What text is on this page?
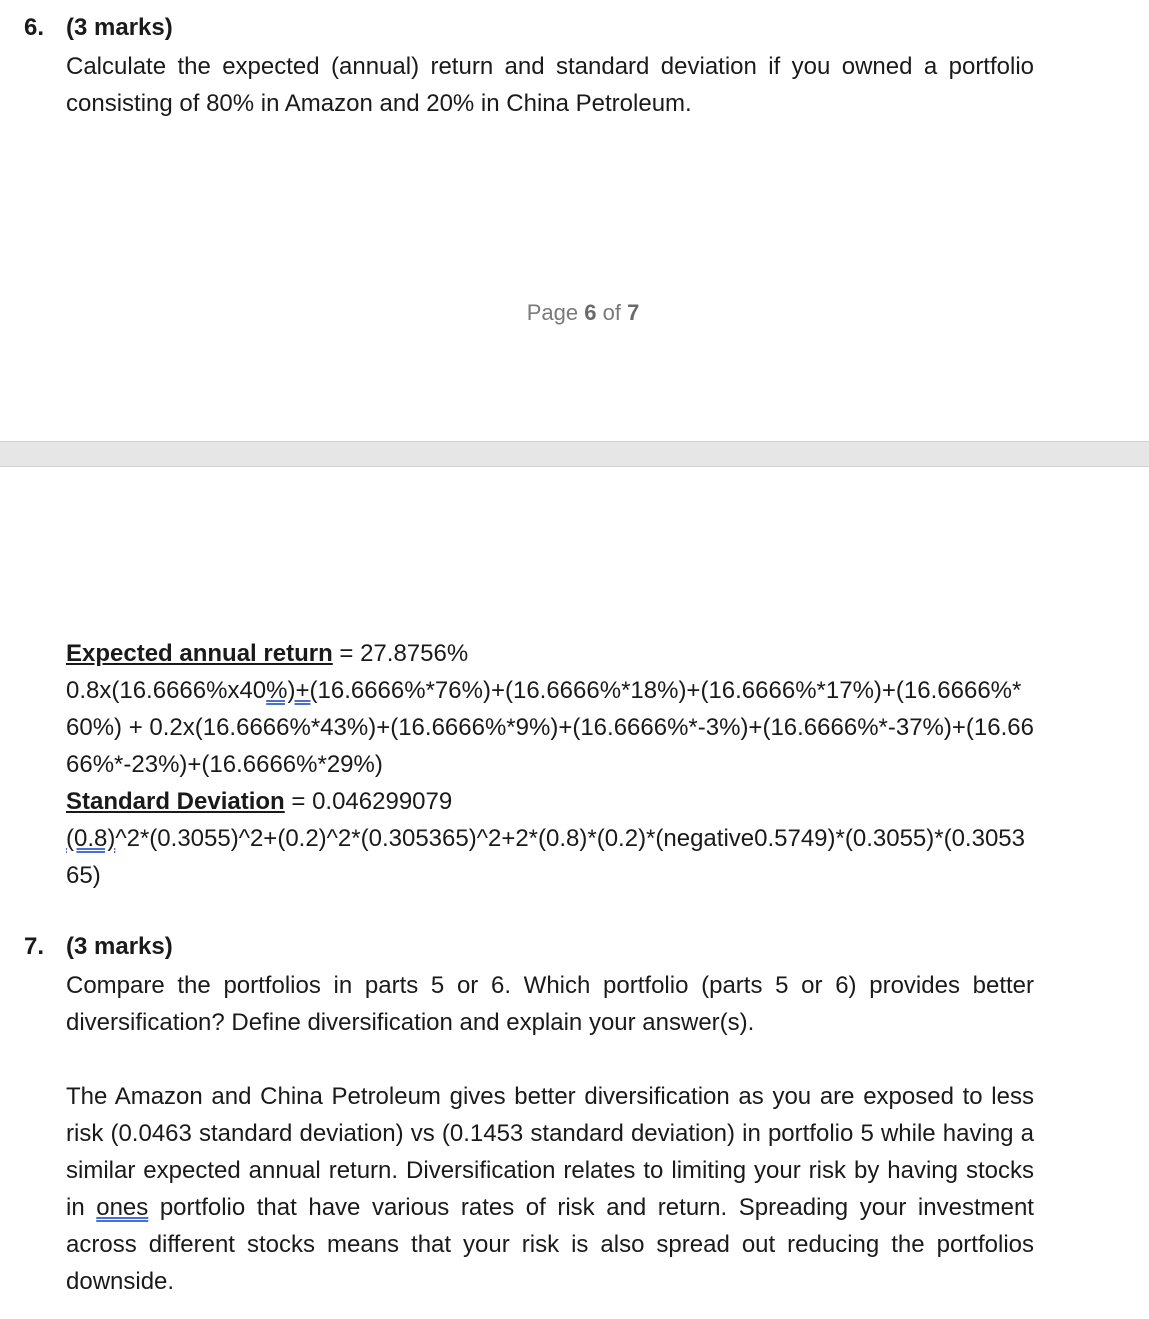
6. (3 marks)

Calculate the expected (annual) return and standard deviation if you owned a portfolio consisting of 80% in Amazon and 20% in China Petroleum.

Page 6 of 7

Expected annual return = 27.8756%

0.8x(16.6666%x40%)+(16.6666%*76%)+(16.6666%*18%)+(16.6666%*17%)+(16.6666%*60%) + 0.2x(16.6666%*43%)+(16.6666%*9%)+(16.6666%*-3%)+(16.6666%*-37%)+(16.6666%*-23%)+(16.6666%*29%)

Standard Deviation = 0.046299079

(0.8)^2*(0.3055)^2+(0.2)^2*(0.305365)^2+2*(0.8)*(0.2)*(negative0.5749)*(0.3055)*(0.305365)

7. (3 marks)

Compare the portfolios in parts 5 or 6. Which portfolio (parts 5 or 6) provides better diversification? Define diversification and explain your answer(s).

The Amazon and China Petroleum gives better diversification as you are exposed to less risk (0.0463 standard deviation) vs (0.1453 standard deviation) in portfolio 5 while having a similar expected annual return. Diversification relates to limiting your risk by having stocks in ones portfolio that have various rates of risk and return. Spreading your investment across different stocks means that your risk is also spread out reducing the portfolios downside.
